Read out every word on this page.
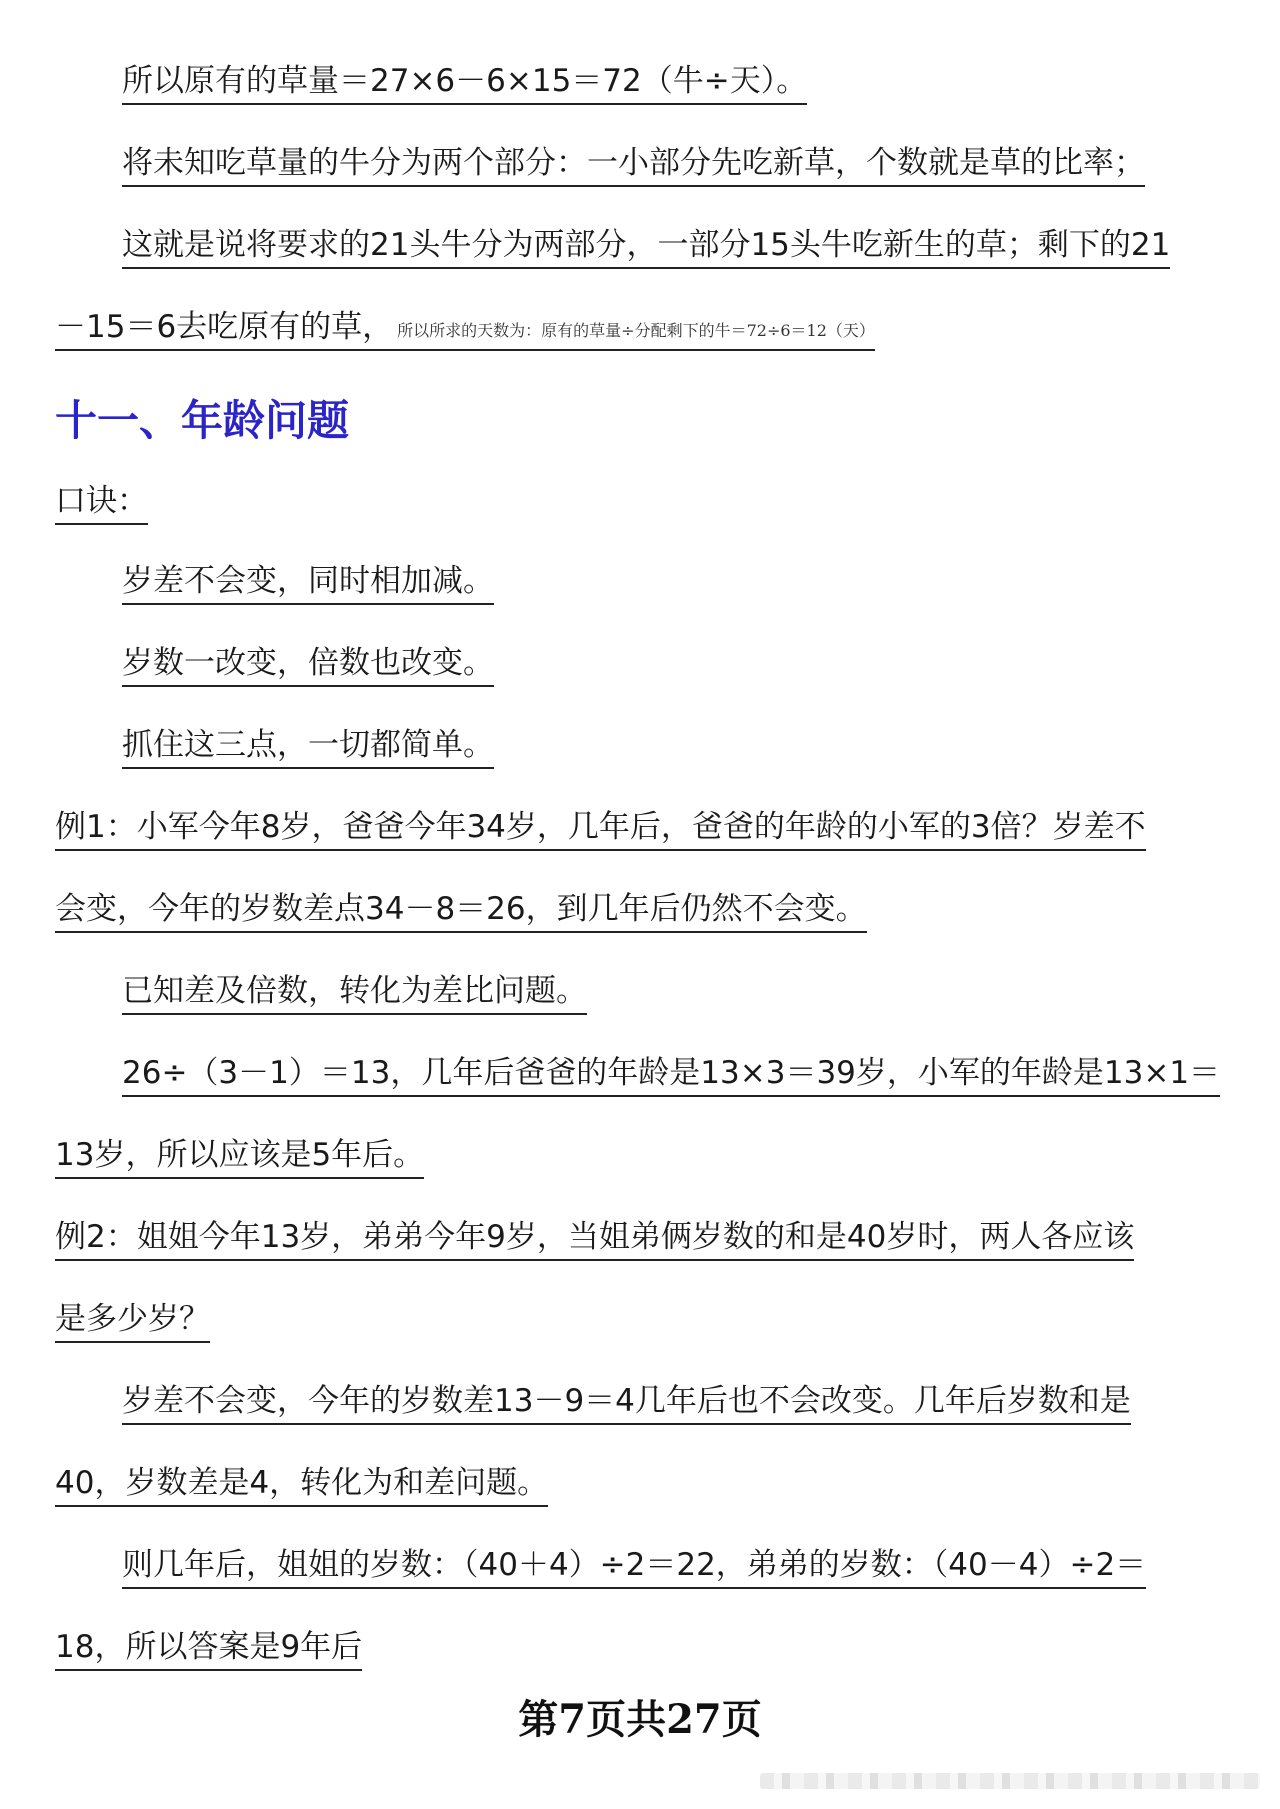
所以原有的草量＝27×6－6×15＝72（牛÷天）。
将未知吃草量的牛分为两个部分：一小部分先吃新草，个数就是草的比率；
这就是说将要求的21头牛分为两部分，一部分15头牛吃新生的草；剩下的21
－15＝6去吃原有的草， 所以所求的天数为：原有的草量÷分配剩下的牛＝72÷6＝12（天）
十一、年龄问题
口诀：
岁差不会变，同时相加减。
岁数一改变，倍数也改变。
抓住这三点，一切都简单。
例1：小军今年8岁，爸爸今年34岁，几年后，爸爸的年龄的小军的3倍？岁差不
会变，今年的岁数差点34－8＝26，到几年后仍然不会变。
已知差及倍数，转化为差比问题。
26÷（3－1）＝13，几年后爸爸的年龄是13×3＝39岁，小军的年龄是13×1＝
13岁，所以应该是5年后。
例2：姐姐今年13岁，弟弟今年9岁，当姐弟俩岁数的和是40岁时，两人各应该
是多少岁？
岁差不会变，今年的岁数差13－9＝4几年后也不会改变。几年后岁数和是
40，岁数差是4，转化为和差问题。
则几年后，姐姐的岁数：（40＋4）÷2＝22，弟弟的岁数：（40－4）÷2＝
18，所以答案是9年后
第7页共27页
